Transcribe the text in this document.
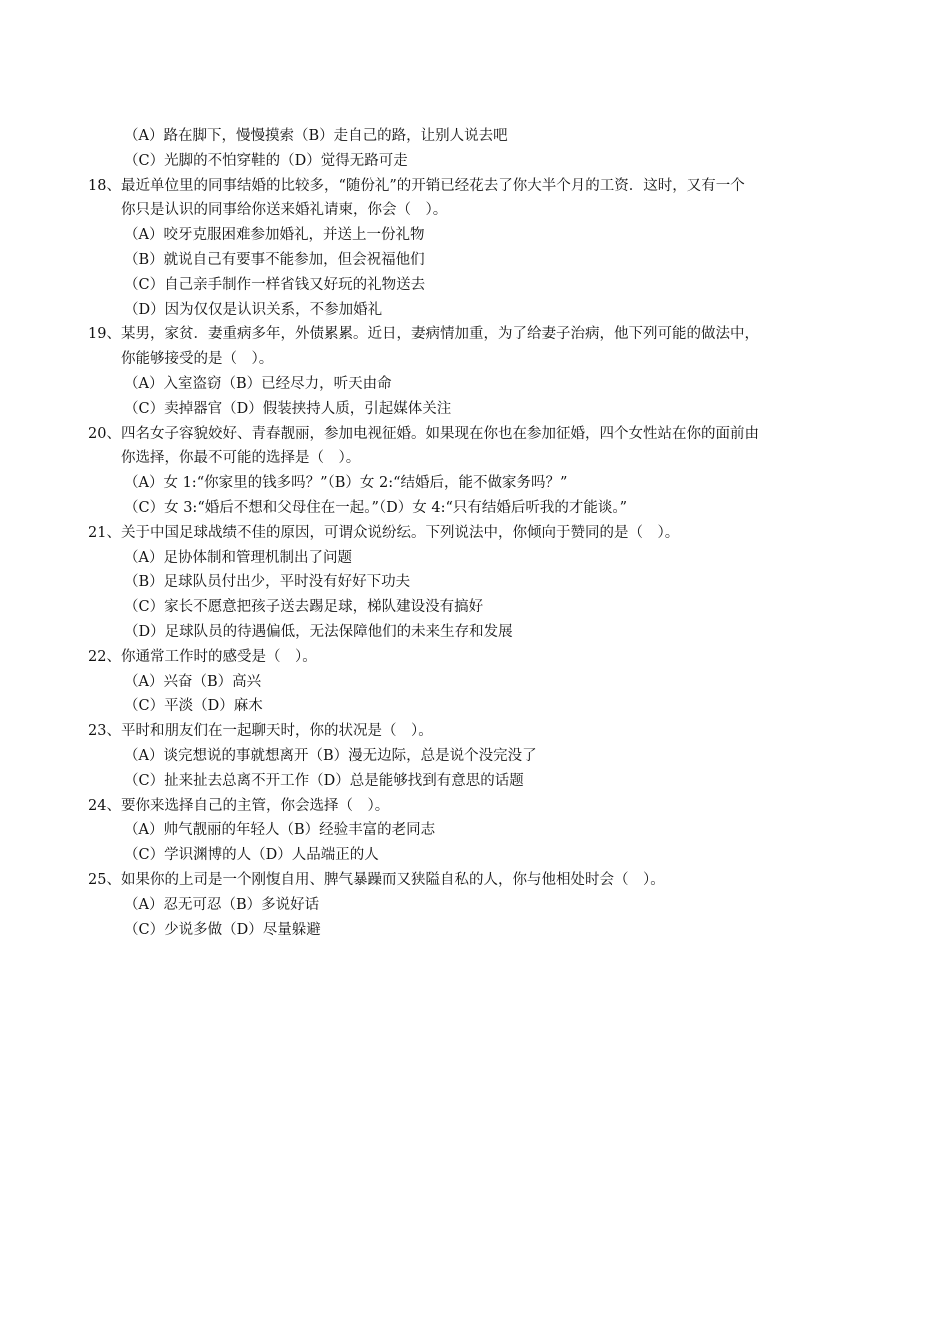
（A）路在脚下，慢慢摸索（B）走自己的路，让别人说去吧
（C）光脚的不怕穿鞋的（D）觉得无路可走
18、最近单位里的同事结婚的比较多，“随份礼”的开销已经花去了你大半个月的工资．这时，又有一个
你只是认识的同事给你送来婚礼请柬，你会（　）。
（A）咬牙克服困难参加婚礼，并送上一份礼物
（B）就说自己有要事不能参加，但会祝福他们
（C）自己亲手制作一样省钱又好玩的礼物送去
（D）因为仅仅是认识关系，不参加婚礼
19、某男，家贫．妻重病多年，外债累累。近日，妻病情加重，为了给妻子治病，他下列可能的做法中，
你能够接受的是（　）。
（A）入室盗窃（B）已经尽力，听天由命
（C）卖掉器官（D）假装挟持人质，引起媒体关注
20、四名女子容貌姣好、青春靓丽，参加电视征婚。如果现在你也在参加征婚，四个女性站在你的面前由
你选择，你最不可能的选择是（　）。
（A）女 1:“你家里的钱多吗？”（B）女 2:“结婚后，能不做家务吗？”
（C）女 3:“婚后不想和父母住在一起。”（D）女 4:“只有结婚后听我的才能谈。”
21、关于中国足球战绩不佳的原因，可谓众说纷纭。下列说法中，你倾向于赞同的是（　）。
（A）足协体制和管理机制出了问题
（B）足球队员付出少，平时没有好好下功夫
（C）家长不愿意把孩子送去踢足球，梯队建设没有搞好
（D）足球队员的待遇偏低，无法保障他们的未来生存和发展
22、你通常工作时的感受是（　）。
（A）兴奋（B）高兴
（C）平淡（D）麻木
23、平时和朋友们在一起聊天时，你的状况是（　）。
（A）谈完想说的事就想离开（B）漫无边际，总是说个没完没了
（C）扯来扯去总离不开工作（D）总是能够找到有意思的话题
24、要你来选择自己的主管，你会选择（　）。
（A）帅气靓丽的年轻人（B）经验丰富的老同志
（C）学识渊博的人（D）人品端正的人
25、如果你的上司是一个刚愎自用、脾气暴躁而又狭隘自私的人，你与他相处时会（　）。
（A）忍无可忍（B）多说好话
（C）少说多做（D）尽量躲避
